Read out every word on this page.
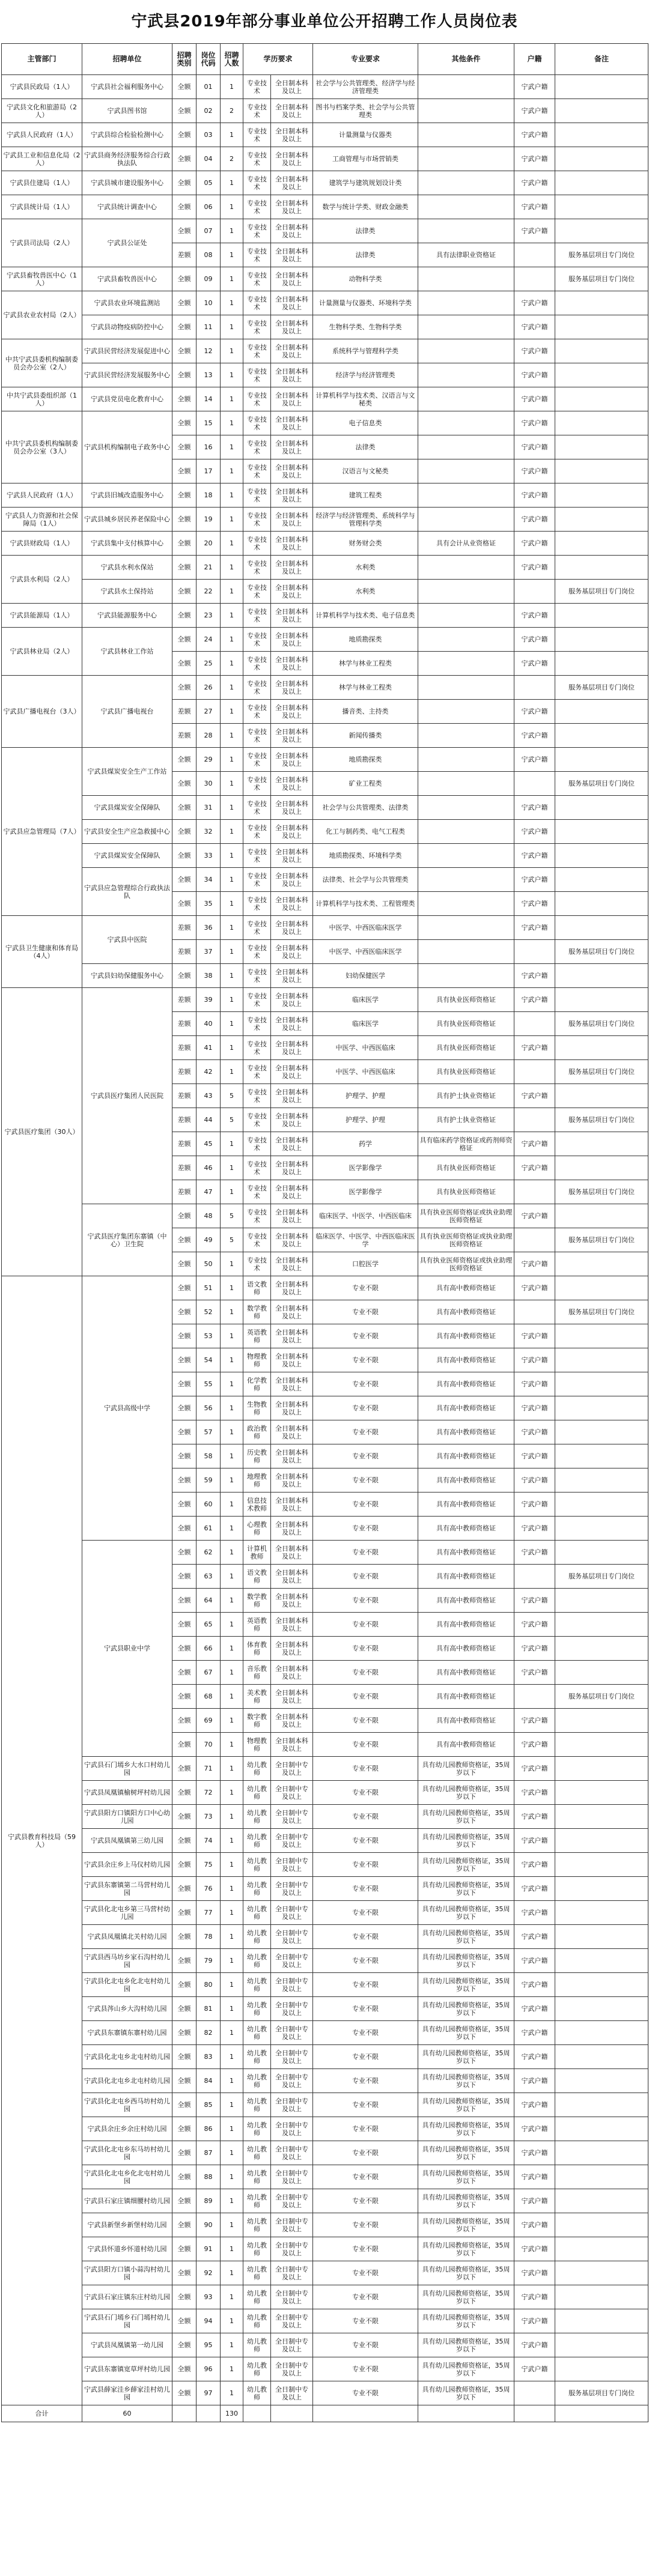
宁武县2019年部分事业单位公开招聘工作人员岗位表
主管部门	招聘单位	招聘类别	岗位代码	招聘人数	学历要求		专业要求	其他条件	户籍	备注
宁武县民政局（1人）	宁武县社会福利服务中心	全额	01	1	专业技术	全日制本科及以上	社会学与公共管理类、经济学与经济管理类		宁武户籍	
宁武县文化和旅游局（2人）	宁武县图书馆	全额	02	2	专业技术	全日制本科及以上	图书与档案学类、社会学与公共管理类		宁武户籍	
宁武县人民政府（1人）	宁武县综合检验检测中心	全额	03	1	专业技术	全日制本科及以上	计量测量与仪器类		宁武户籍	
宁武县工业和信息化局（2人）	宁武县商务经济服务综合行政执法队	全额	04	2	专业技术	全日制本科及以上	工商管理与市场营销类		宁武户籍	
宁武县住建局（1人）	宁武县城市建设服务中心	全额	05	1	专业技术	全日制本科及以上	建筑学与建筑规划设计类		宁武户籍	
宁武县统计局（1人）	宁武县统计调查中心	全额	06	1	专业技术	全日制本科及以上	数学与统计学类、财政金融类		宁武户籍	
宁武县司法局（2人）	宁武县公证处	全额	07	1	专业技术	全日制本科及以上	法律类		宁武户籍	
		差额	08	1	专业技术	全日制本科及以上	法律类	具有法律职业资格证		服务基层项目专门岗位
宁武县畜牧兽医中心（1人）	宁武县畜牧兽医中心	全额	09	1	专业技术	全日制本科及以上	动物科学类			服务基层项目专门岗位
宁武县农业农村局（2人）	宁武县农业环境监测站	全额	10	1	专业技术	全日制本科及以上	计量测量与仪器类、环境科学类		宁武户籍	
	宁武县动物疫病防控中心	全额	11	1	专业技术	全日制本科及以上	生物科学类、生物科学类		宁武户籍	
中共宁武县委机构编制委员会办公室（2人）	宁武县民营经济发展促进中心	全额	12	1	专业技术	全日制本科及以上	系统科学与管理科学类		宁武户籍	
	宁武县民营经济发展服务中心	全额	13	1	专业技术	全日制本科及以上	经济学与经济管理类		宁武户籍	
中共宁武县委组织部（1人）	宁武县党员电化教育中心	全额	14	1	专业技术	全日制本科及以上	计算机科学与技术类、汉语言与文秘类		宁武户籍	
中共宁武县委机构编制委员会办公室（3人）	宁武县机构编制电子政务中心	全额	15	1	专业技术	全日制本科及以上	电子信息类		宁武户籍	
		全额	16	1	专业技术	全日制本科及以上	法律类		宁武户籍	
		全额	17	1	专业技术	全日制本科及以上	汉语言与文秘类		宁武户籍	
宁武县人民政府（1人）	宁武县旧城改造服务中心	全额	18	1	专业技术	全日制本科及以上	建筑工程类		宁武户籍	
宁武县人力资源和社会保障局（1人）	宁武县城乡居民养老保险中心	全额	19	1	专业技术	全日制本科及以上	经济学与经济管理类、系统科学与管理科学类		宁武户籍	
宁武县财政局（1人）	宁武县集中支付核算中心	全额	20	1	专业技术	全日制本科及以上	财务财会类	具有会计从业资格证	宁武户籍	
宁武县水利局（2人）	宁武县水利水保站	全额	21	1	专业技术	全日制本科及以上	水利类		宁武户籍	
	宁武县水土保持站	全额	22	1	专业技术	全日制本科及以上	水利类			服务基层项目专门岗位
宁武县能源局（1人）	宁武县能源服务中心	全额	23	1	专业技术	全日制本科及以上	计算机科学与技术类、电子信息类		宁武户籍	
宁武县林业局（2人）	宁武县林业工作站	全额	24	1	专业技术	全日制本科及以上	地质勘探类		宁武户籍	
		全额	25	1	专业技术	全日制本科及以上	林学与林业工程类		宁武户籍	
宁武县广播电视台（3人）	宁武县广播电视台	全额	26	1	专业技术	全日制本科及以上	林学与林业工程类			服务基层项目专门岗位
		差额	27	1	专业技术	全日制本科及以上	播音类、主持类		宁武户籍	
		差额	28	1	专业技术	全日制本科及以上	新闻传播类		宁武户籍	
宁武县应急管理局（7人）	宁武县煤炭安全生产工作站	全额	29	1	专业技术	全日制本科及以上	地质勘探类		宁武户籍	
		全额	30	1	专业技术	全日制本科及以上	矿业工程类			服务基层项目专门岗位
	宁武县煤炭安全保障队	全额	31	1	专业技术	全日制本科及以上	社会学与公共管理类、法律类		宁武户籍	
	宁武县安全生产应急救援中心	全额	32	1	专业技术	全日制本科及以上	化工与制药类、电气工程类		宁武户籍	
	宁武县煤炭安全保障队	全额	33	1	专业技术	全日制本科及以上	地质勘探类、环境科学类		宁武户籍	
	宁武县应急管理综合行政执法队	全额	34	1	专业技术	全日制本科及以上	法律类、社会学与公共管理类		宁武户籍	
		全额	35	1	专业技术	全日制本科及以上	计算机科学与技术类、工程管理类		宁武户籍	
宁武县卫生健康和体育局（4人）	宁武县中医院	差额	36	1	专业技术	全日制本科及以上	中医学、中西医临床医学		宁武户籍	
		差额	37	1	专业技术	全日制本科及以上	中医学、中西医临床医学			服务基层项目专门岗位
	宁武县妇幼保健服务中心	全额	38	1	专业技术	全日制本科及以上	妇幼保健医学		宁武户籍	
宁武县医疗集团（30人）	宁武县医疗集团人民医院	差额	39	1	专业技术	全日制本科及以上	临床医学	具有执业医师资格证	宁武户籍	
		差额	40	1	专业技术	全日制本科及以上	临床医学	具有执业医师资格证		服务基层项目专门岗位
		差额	41	1	专业技术	全日制本科及以上	中医学、中西医临床	具有执业医师资格证	宁武户籍	
		差额	42	1	专业技术	全日制本科及以上	中医学、中西医临床	具有执业医师资格证		服务基层项目专门岗位
		差额	43	5	专业技术	全日制本科及以上	护理学、护理	具有护士执业资格证	宁武户籍	
		差额	44	5	专业技术	全日制本科及以上	护理学、护理	具有护士执业资格证		服务基层项目专门岗位
		差额	45	1	专业技术	全日制本科及以上	药学	具有临床药学资格证或药剂师资格证	宁武户籍	
		差额	46	1	专业技术	全日制本科及以上	医学影像学	具有执业医师资格证	宁武户籍	
		差额	47	1	专业技术	全日制本科及以上	医学影像学	具有执业医师资格证		服务基层项目专门岗位
	宁武县医疗集团东寨镇（中心）卫生院	全额	48	5	专业技术	全日制本科及以上	临床医学、中医学、中西医临床	具有执业医师资格证或执业助理医师资格证	宁武户籍	
		全额	49	5	专业技术	全日制本科及以上	临床医学、中医学、中西医临床医学	具有执业医师资格证或执业助理医师资格证		服务基层项目专门岗位
		全额	50	1	专业技术	全日制本科及以上	口腔医学	具有执业医师资格证或执业助理医师资格证	宁武户籍	
宁武县教育科技局（59人）	宁武县高级中学	全额	51	1	语文教师	全日制本科及以上	专业不限	具有高中教师资格证	宁武户籍	
		全额	52	1	数学教师	全日制本科及以上	专业不限	具有高中教师资格证		服务基层项目专门岗位
		全额	53	1	英语教师	全日制本科及以上	专业不限	具有高中教师资格证	宁武户籍	
		全额	54	1	物理教师	全日制本科及以上	专业不限	具有高中教师资格证	宁武户籍	
		全额	55	1	化学教师	全日制本科及以上	专业不限	具有高中教师资格证	宁武户籍	
		全额	56	1	生物教师	全日制本科及以上	专业不限	具有高中教师资格证	宁武户籍	
		全额	57	1	政治教师	全日制本科及以上	专业不限	具有高中教师资格证	宁武户籍	
		全额	58	1	历史教师	全日制本科及以上	专业不限	具有高中教师资格证	宁武户籍	
		全额	59	1	地理教师	全日制本科及以上	专业不限	具有高中教师资格证	宁武户籍	
		全额	60	1	信息技术教师	全日制本科及以上	专业不限	具有高中教师资格证	宁武户籍	
		全额	61	1	心理教师	全日制本科及以上	专业不限	具有高中教师资格证	宁武户籍	
	宁武县职业中学	全额	62	1	计算机教师	全日制本科及以上	专业不限	具有高中教师资格证	宁武户籍	
		全额	63	1	语文教师	全日制本科及以上	专业不限	具有高中教师资格证		服务基层项目专门岗位
		全额	64	1	数学教师	全日制本科及以上	专业不限	具有高中教师资格证	宁武户籍	
		全额	65	1	英语教师	全日制本科及以上	专业不限	具有高中教师资格证	宁武户籍	
		全额	66	1	体育教师	全日制本科及以上	专业不限	具有高中教师资格证	宁武户籍	
		全额	67	1	音乐教师	全日制本科及以上	专业不限	具有高中教师资格证	宁武户籍	
		全额	68	1	美术教师	全日制本科及以上	专业不限	具有高中教师资格证		服务基层项目专门岗位
		全额	69	1	数字教师	全日制本科及以上	专业不限	具有高中教师资格证	宁武户籍	
		全额	70	1	物理教师	全日制本科及以上	专业不限	具有高中教师资格证	宁武户籍	
	宁武县石门墕乡大水口村幼儿园	全额	71	1	幼儿教师	全日制中专及以上	专业不限	具有幼儿园教师资格证，35周岁以下	宁武户籍	
	宁武县凤凰镇榆树坪村幼儿园	全额	72	1	幼儿教师	全日制中专及以上	专业不限	具有幼儿园教师资格证，35周岁以下	宁武户籍	
	宁武县阳方口镇阳方口中心幼儿园	全额	73	1	幼儿教师	全日制中专及以上	专业不限	具有幼儿园教师资格证，35周岁以下	宁武户籍	
	宁武县凤凰镇第三幼儿园	全额	74	1	幼儿教师	全日制中专及以上	专业不限	具有幼儿园教师资格证，35周岁以下	宁武户籍	
	宁武县余庄乡上马仪村幼儿园	全额	75	1	幼儿教师	全日制中专及以上	专业不限	具有幼儿园教师资格证，35周岁以下	宁武户籍	
	宁武县东寨镇第二马营村幼儿园	全额	76	1	幼儿教师	全日制中专及以上	专业不限	具有幼儿园教师资格证，35周岁以下	宁武户籍	
	宁武县化北屯乡第三马营村幼儿园	全额	77	1	幼儿教师	全日制中专及以上	专业不限	具有幼儿园教师资格证，35周岁以下	宁武户籍	
	宁武县凤凰镇北关村幼儿园	全额	78	1	幼儿教师	全日制中专及以上	专业不限	具有幼儿园教师资格证，35周岁以下	宁武户籍	
	宁武县西马坊乡家石沟村幼儿园	全额	79	1	幼儿教师	全日制中专及以上	专业不限	具有幼儿园教师资格证，35周岁以下	宁武户籍	
	宁武县化北屯乡化北屯村幼儿园	全额	80	1	幼儿教师	全日制中专及以上	专业不限	具有幼儿园教师资格证，35周岁以下	宁武户籍	
	宁武县涔山乡大沟村幼儿园	全额	81	1	幼儿教师	全日制中专及以上	专业不限	具有幼儿园教师资格证，35周岁以下	宁武户籍	
	宁武县东寨镇东寨村幼儿园	全额	82	1	幼儿教师	全日制中专及以上	专业不限	具有幼儿园教师资格证，35周岁以下	宁武户籍	
	宁武县化北屯乡北屯村幼儿园	全额	83	1	幼儿教师	全日制中专及以上	专业不限	具有幼儿园教师资格证，35周岁以下	宁武户籍	
	宁武县化北屯乡北屯村幼儿园	全额	84	1	幼儿教师	全日制中专及以上	专业不限	具有幼儿园教师资格证，35周岁以下	宁武户籍	
	宁武县化北屯乡西马坊村幼儿园	全额	85	1	幼儿教师	全日制中专及以上	专业不限	具有幼儿园教师资格证，35周岁以下	宁武户籍	
	宁武县余庄乡余庄村幼儿园	全额	86	1	幼儿教师	全日制中专及以上	专业不限	具有幼儿园教师资格证，35周岁以下	宁武户籍	
	宁武县化北屯乡东马坊村幼儿园	全额	87	1	幼儿教师	全日制中专及以上	专业不限	具有幼儿园教师资格证，35周岁以下	宁武户籍	
	宁武县化北屯乡化北屯村幼儿园	全额	88	1	幼儿教师	全日制中专及以上	专业不限	具有幼儿园教师资格证，35周岁以下	宁武户籍	
	宁武县石家庄镇细腰村幼儿园	全额	89	1	幼儿教师	全日制中专及以上	专业不限	具有幼儿园教师资格证，35周岁以下	宁武户籍	
	宁武县新堡乡新堡村幼儿园	全额	90	1	幼儿教师	全日制中专及以上	专业不限	具有幼儿园教师资格证，35周岁以下	宁武户籍	
	宁武县怀道乡怀道村幼儿园	全额	91	1	幼儿教师	全日制中专及以上	专业不限	具有幼儿园教师资格证，35周岁以下	宁武户籍	
	宁武县阳方口镇小蒜沟村幼儿园	全额	92	1	幼儿教师	全日制中专及以上	专业不限	具有幼儿园教师资格证，35周岁以下	宁武户籍	
	宁武县石家庄镇东庄村幼儿园	全额	93	1	幼儿教师	全日制中专及以上	专业不限	具有幼儿园教师资格证，35周岁以下	宁武户籍	
	宁武县石门墕乡石门墕村幼儿园	全额	94	1	幼儿教师	全日制中专及以上	专业不限	具有幼儿园教师资格证，35周岁以下	宁武户籍	
	宁武县凤凰镇第一幼儿园	全额	95	1	幼儿教师	全日制中专及以上	专业不限	具有幼儿园教师资格证，35周岁以下	宁武户籍	
	宁武县东寨镇宽草坪村幼儿园	全额	96	1	幼儿教师	全日制中专及以上	专业不限	具有幼儿园教师资格证，35周岁以下	宁武户籍	
	宁武县薛家洼乡薛家洼村幼儿园	全额	97	1	幼儿教师	全日制中专及以上	专业不限	具有幼儿园教师资格证，35周岁以下		服务基层项目专门岗位
合计	60			130						
